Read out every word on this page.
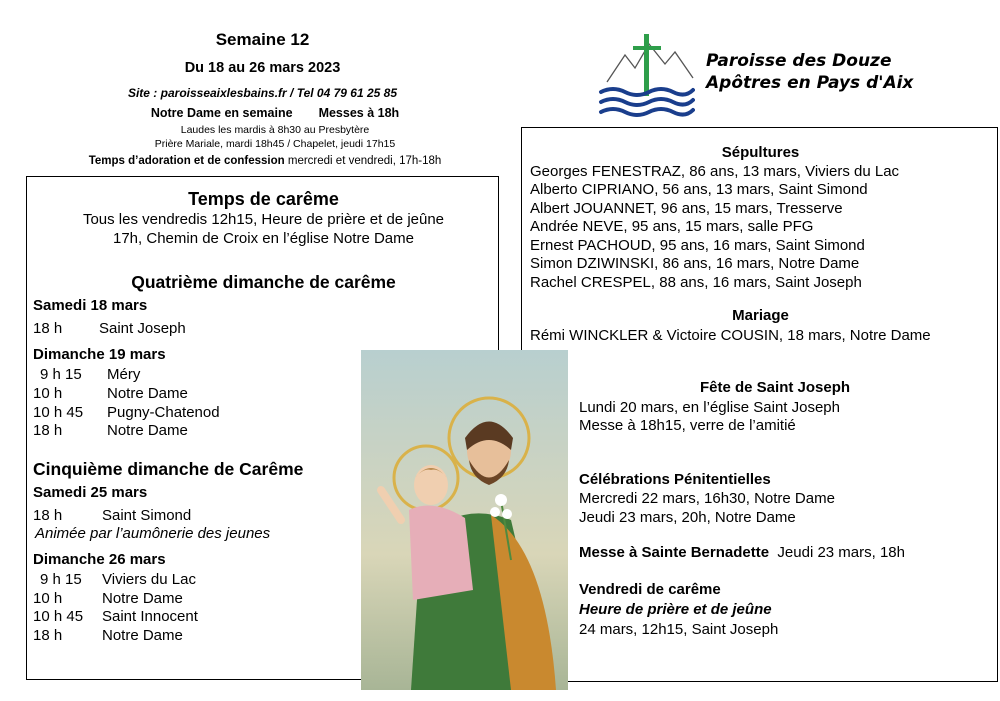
Semaine 12
Du 18 au 26 mars 2023
Site : paroisseaixlesbains.fr / Tel 04 79 61 25 85
Notre Dame en semaine Messes à 18h
Laudes les mardis à 8h30 au Presbytère
Prière Mariale, mardi 18h45 / Chapelet, jeudi 17h15
Temps d’adoration et de confession mercredi et vendredi, 17h-18h
Paroisse des Douze
Apôtres en Pays d'Aix
Temps de carême
Tous les vendredis 12h15, Heure de prière et de jeûne
17h, Chemin de Croix en l’église Notre Dame
Quatrième dimanche de carême
Samedi 18 mars
18 h Saint Joseph
Dimanche 19 mars
9 h 15 Méry
10 h	Notre Dame
10 h 45 Pugny-Chatenod
18 h	Notre Dame
Cinquième dimanche de Carême
Samedi 25 mars
18 h	Saint Simond
Animée par l’aumônerie des jeunes
Dimanche 26 mars
9 h 15 Viviers du Lac
10 h	Notre Dame
10 h 45 Saint Innocent
18 h	Notre Dame
Sépultures
Georges FENESTRAZ, 86 ans, 13 mars, Viviers du Lac
Alberto CIPRIANO, 56 ans, 13 mars, Saint Simond
Albert JOUANNET, 96 ans, 15 mars, Tresserve
Andrée NEVE, 95 ans, 15 mars, salle PFG
Ernest PACHOUD, 95 ans, 16 mars, Saint Simond
Simon DZIWINSKI, 86 ans, 16 mars, Notre Dame
Rachel CRESPEL, 88 ans, 16 mars, Saint Joseph
Mariage
Rémi WINCKLER & Victoire COUSIN, 18 mars, Notre Dame
Fête de Saint Joseph
Lundi 20 mars, en l’église Saint Joseph
Messe à 18h15, verre de l’amitié
Célébrations Pénitentielles
Mercredi 22 mars, 16h30, Notre Dame
Jeudi 23 mars, 20h, Notre Dame
Messe à Sainte Bernadette Jeudi 23 mars, 18h
Vendredi de carême
Heure de prière et de jeûne
24 mars, 12h15, Saint Joseph
